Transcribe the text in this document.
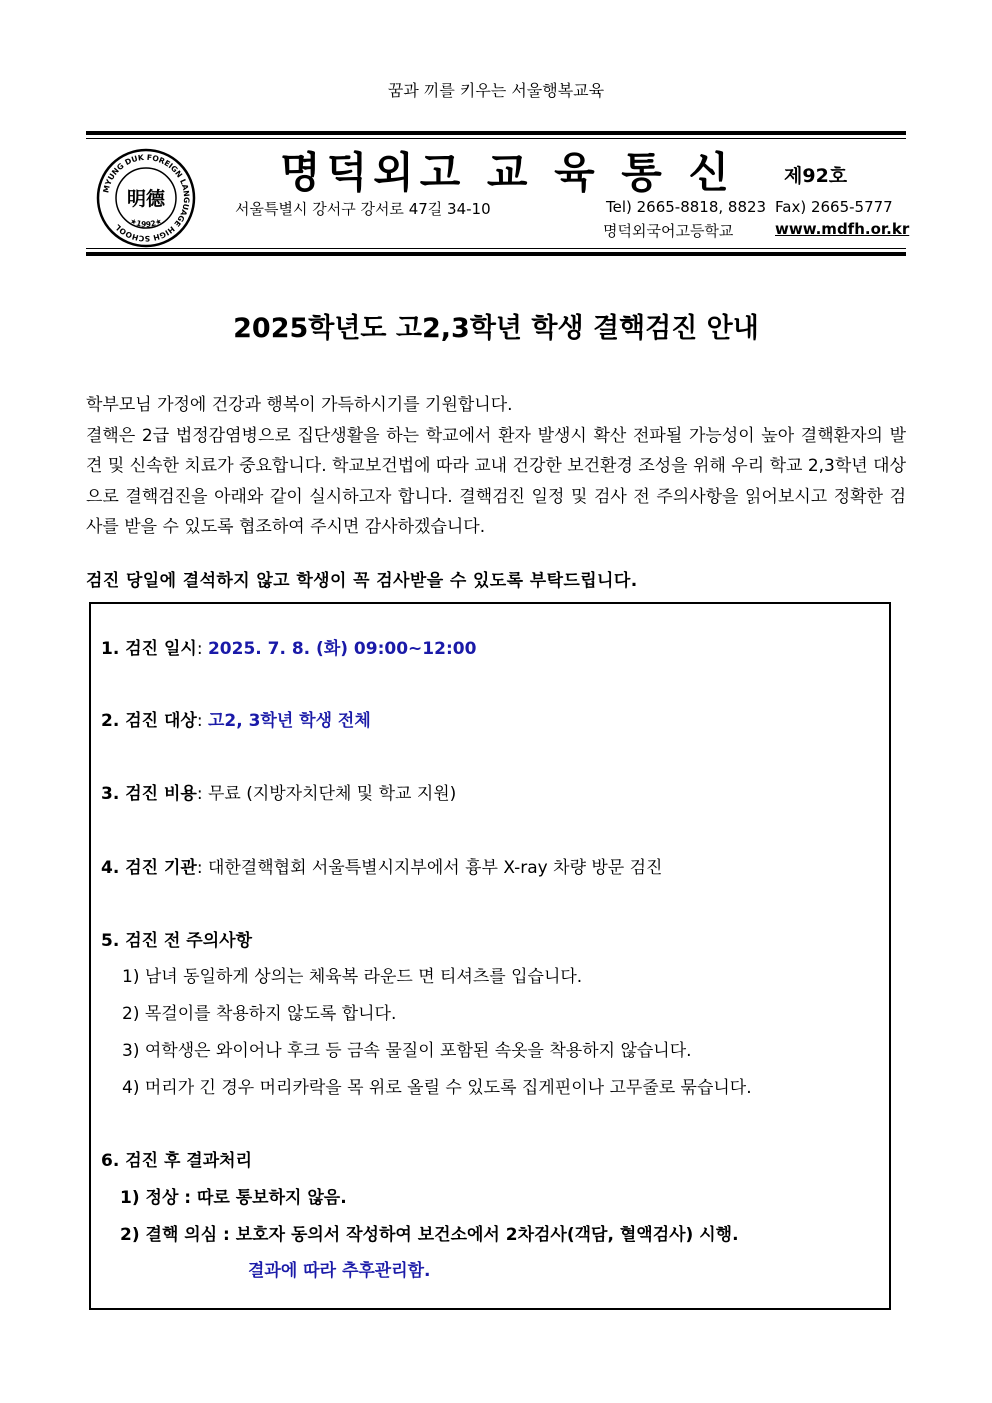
꿈과 끼를 키우는 서울행복교육
MYUNG DUK FOREIGN LANGUAGE HIGH SCHOOL
★1992★
明德
명덕외고 교 육 통 신	제92호
서울특별시 강서구 강서로 47길 34-10	Tel) 2665-8818, 8823 Fax) 2665-5777
명덕외국어고등학교	www.mdfh.or.kr
2025학년도 고2,3학년 학생 결핵검진 안내

학부모님 가정에 건강과 행복이 가득하시기를 기원합니다.

결핵은 2급 법정감염병으로 집단생활을 하는 학교에서 환자 발생시 확산 전파될 가능성이 높아 결핵환자의 발견 및 신속한 치료가 중요합니다. 학교보건법에 따라 교내 건강한 보건환경 조성을 위해 우리 학교 2,3학년 대상으로 결핵검진을 아래와 같이 실시하고자 합니다. 결핵검진 일정 및 검사 전 주의사항을 읽어보시고 정확한 검사를 받을 수 있도록 협조하여 주시면 감사하겠습니다.

검진 당일에 결석하지 않고 학생이 꼭 검사받을 수 있도록 부탁드립니다.
1. 검진 일시: 2025. 7. 8. (화) 09:00~12:00
2. 검진 대상: 고2, 3학년 학생 전체
3. 검진 비용: 무료 (지방자치단체 및 학교 지원)
4. 검진 기관: 대한결핵협회 서울특별시지부에서 흉부 X-ray 차량 방문 검진
5. 검진 전 주의사항
1) 남녀 동일하게 상의는 체육복 라운드 면 티셔츠를 입습니다.
2) 목걸이를 착용하지 않도록 합니다.
3) 여학생은 와이어나 후크 등 금속 물질이 포함된 속옷을 착용하지 않습니다.
4) 머리가 긴 경우 머리카락을 목 위로 올릴 수 있도록 집게핀이나 고무줄로 묶습니다.
6. 검진 후 결과처리
1) 정상 : 따로 통보하지 않음.
2) 결핵 의심 : 보호자 동의서 작성하여 보건소에서 2차검사(객담, 혈액검사) 시행.
결과에 따라 추후관리함.
